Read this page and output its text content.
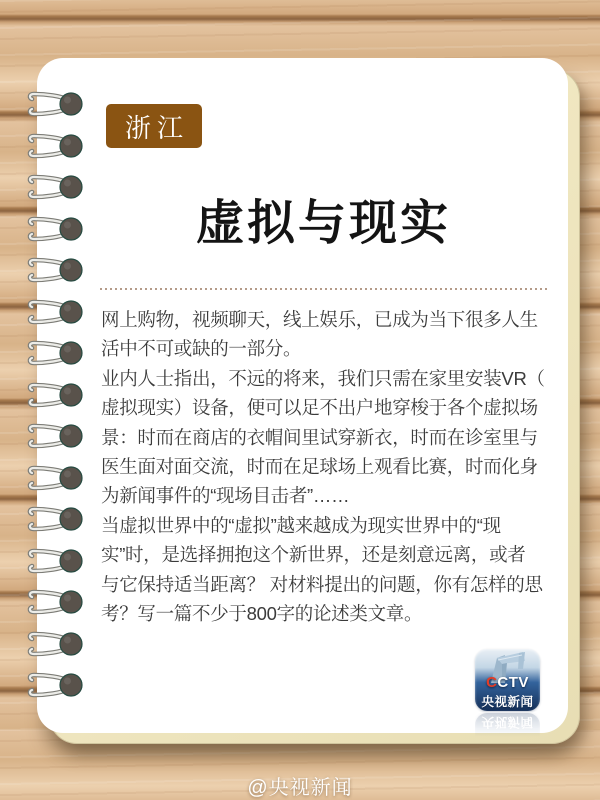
浙江
虚拟与现实
网上购物，视频聊天，线上娱乐，已成为当下很多人生
活中不可或缺的一部分。
业内人士指出，不远的将来，我们只需在家里安装VR（
虚拟现实）设备，便可以足不出户地穿梭于各个虚拟场
景：时而在商店的衣帽间里试穿新衣，时而在诊室里与
医生面对面交流，时而在足球场上观看比赛，时而化身
为新闻事件的“现场目击者”……
当虚拟世界中的“虚拟”越来越成为现实世界中的“现
实”时，是选择拥抱这个新世界，还是刻意远离，或者
与它保持适当距离？ 对材料提出的问题，你有怎样的思
考？写一篇不少于800字的论述类文章。
CCTV
央视新闻
@央视新闻
